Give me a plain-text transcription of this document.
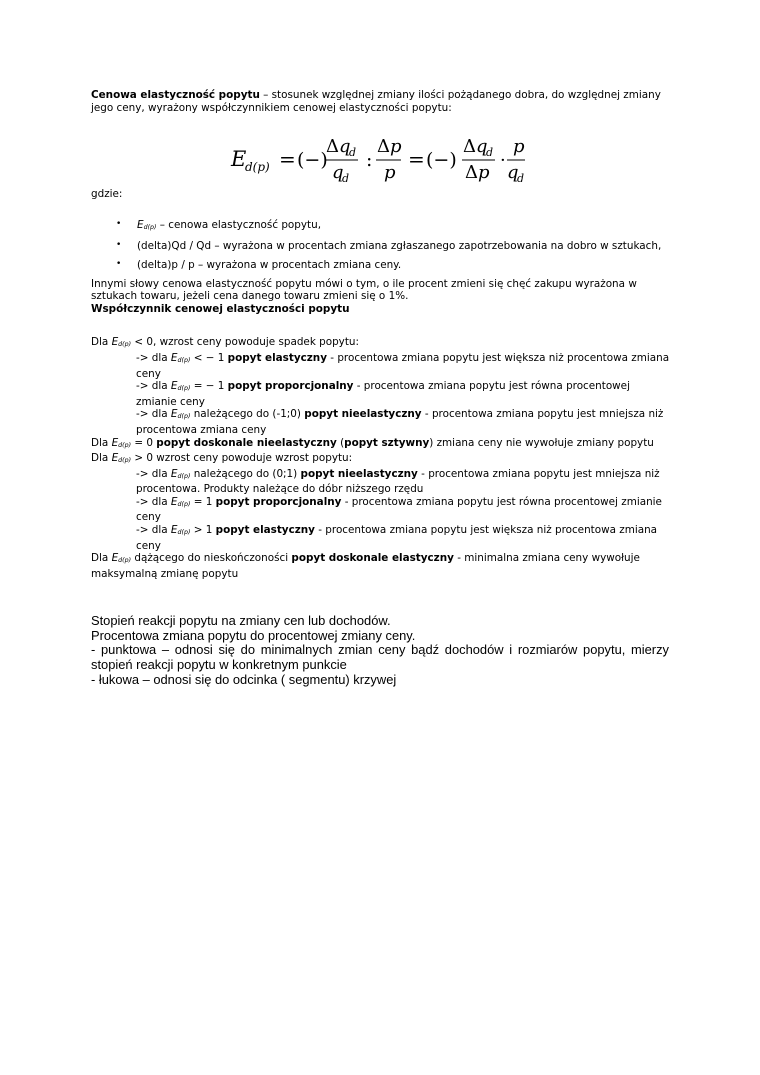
Cenowa elastyczność popytu – stosunek względnej zmiany ilości pożądanego dobra, do względnej zmiany jego ceny, wyrażony współczynnikiem cenowej elastyczności popytu:

E
d(p) = (−)
Δ q
d
q
d
:
Δ p
p
= (−)
Δ q
d
Δ p
·
p
q
d

gdzie:

• Ed(p) – cenowa elastyczność popytu,
• (delta)Qd / Qd – wyrażona w procentach zmiana zgłaszanego zapotrzebowania na dobro w sztukach,
• (delta)p / p – wyrażona w procentach zmiana ceny.

Innymi słowy cenowa elastyczność popytu mówi o tym, o ile procent zmieni się chęć zakupu wyrażona w sztukach towaru, jeżeli cena danego towaru zmieni się o 1%.

Współczynnik cenowej elastyczności popytu

Dla Ed(p) < 0, wzrost ceny powoduje spadek popytu:
-> dla Ed(p) < − 1 popyt elastyczny - procentowa zmiana popytu jest większa niż procentowa zmiana ceny
-> dla Ed(p) = − 1 popyt proporcjonalny - procentowa zmiana popytu jest równa procentowej zmianie ceny
-> dla Ed(p) należącego do (-1;0) popyt nieelastyczny - procentowa zmiana popytu jest mniejsza niż procentowa zmiana ceny
Dla Ed(p) = 0 popyt doskonale nieelastyczny (popyt sztywny) zmiana ceny nie wywołuje zmiany popytu
Dla Ed(p) > 0 wzrost ceny powoduje wzrost popytu:
-> dla Ed(p) należącego do (0;1) popyt nieelastyczny - procentowa zmiana popytu jest mniejsza niż procentowa. Produkty należące do dóbr niższego rzędu
-> dla Ed(p) = 1 popyt proporcjonalny - procentowa zmiana popytu jest równa procentowej zmianie ceny
-> dla Ed(p) > 1 popyt elastyczny - procentowa zmiana popytu jest większa niż procentowa zmiana ceny

Dla Ed(p) dążącego do nieskończoności popyt doskonale elastyczny - minimalna zmiana ceny wywołuje maksymalną zmianę popytu

Stopień reakcji popytu na zmiany cen lub dochodów.
Procentowa zmiana popytu do procentowej zmiany ceny.
- punktowa – odnosi się do minimalnych zmian ceny bądź dochodów i rozmiarów popytu, mierzy stopień reakcji popytu w konkretnym punkcie
- łukowa – odnosi się do odcinka ( segmentu) krzywej
